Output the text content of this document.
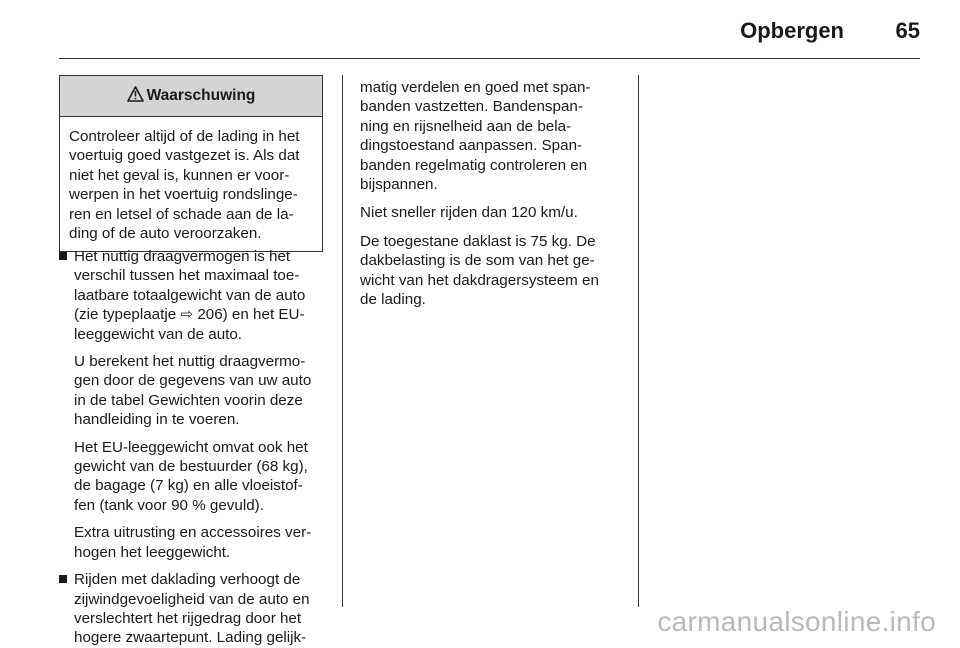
Opbergen 65
Waarschuwing
Controleer altijd of de lading in het
voertuig goed vastgezet is. Als dat
niet het geval is, kunnen er voor-
werpen in het voertuig rondslinge-
ren en letsel of schade aan de la-
ding of de auto veroorzaken.

Het nuttig draagvermogen is het
verschil tussen het maximaal toe-
laatbare totaalgewicht van de auto
(zie typeplaatje ⇨ 206) en het EU-
leeggewicht van de auto.

U berekent het nuttig draagvermo-
gen door de gegevens van uw auto
in de tabel Gewichten voorin deze
handleiding in te voeren.

Het EU-leeggewicht omvat ook het
gewicht van de bestuurder (68 kg),
de bagage (7 kg) en alle vloeistof-
fen (tank voor 90 % gevuld).

Extra uitrusting en accessoires ver-
hogen het leeggewicht.

Rijden met daklading verhoogt de
zijwindgevoeligheid van de auto en
verslechtert het rijgedrag door het
hogere zwaartepunt. Lading gelijk-

matig verdelen en goed met span-
banden vastzetten. Bandenspan-
ning en rijsnelheid aan de bela-
dingstoestand aanpassen. Span-
banden regelmatig controleren en
bijspannen.

Niet sneller rijden dan 120 km/u.

De toegestane daklast is 75 kg. De
dakbelasting is de som van het ge-
wicht van het dakdragersysteem en
de lading.

carmanualsonline.info
